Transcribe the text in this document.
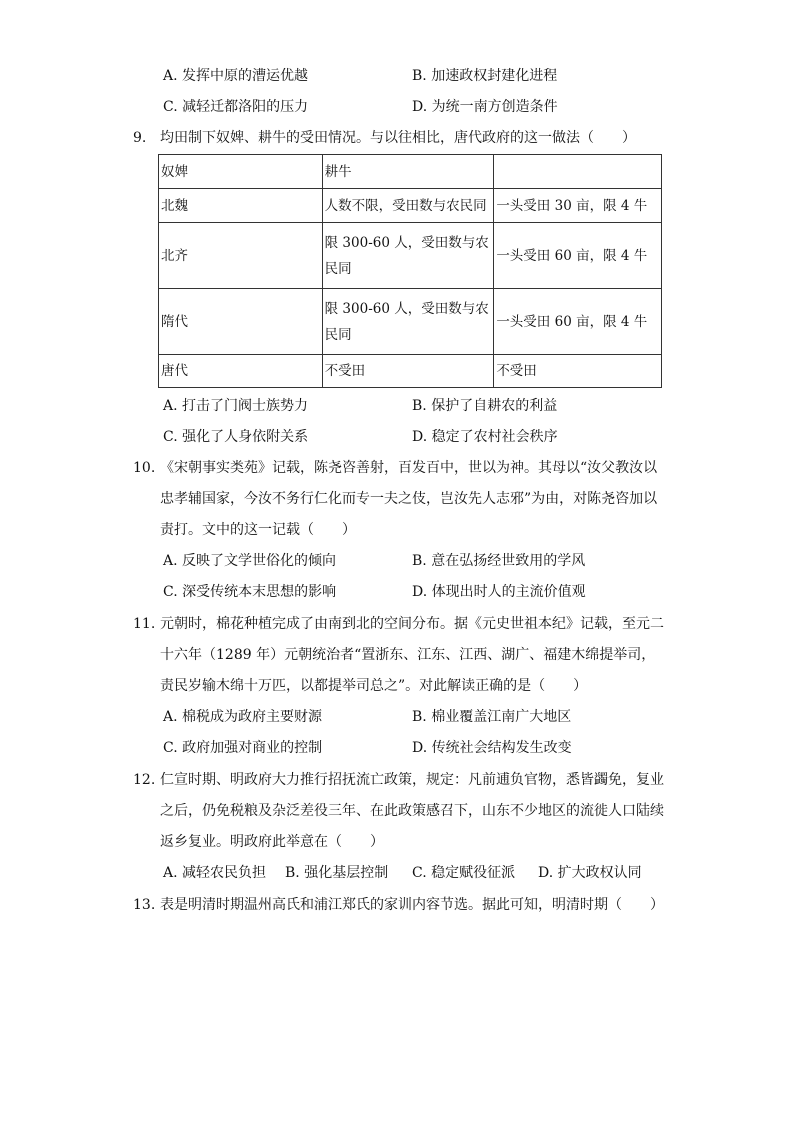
A. 发挥中原的漕运优越	B. 加速政权封建化进程
C. 减轻迁都洛阳的压力	D. 为统一南方创造条件
9. 均田制下奴婢、耕牛的受田情况。与以往相比，唐代政府的这一做法（　　）
奴婢	耕牛	
北魏	人数不限，受田数与农民同	一头受田 30 亩，限 4 牛
北齐	限 300-60 人，受田数与农民同	一头受田 60 亩，限 4 牛
隋代	限 300-60 人，受田数与农民同	一头受田 60 亩，限 4 牛
唐代	不受田	不受田
A. 打击了门阀士族势力	B. 保护了自耕农的利益
C. 强化了人身依附关系	D. 稳定了农村社会秩序
10. 《宋朝事实类苑》记载，陈尧咨善射，百发百中，世以为神。其母以“汝父教汝以
忠孝辅国家，今汝不务行仁化而专一夫之伎，岂汝先人志邪”为由，对陈尧咨加以
责打。文中的这一记载（　　）
A. 反映了文学世俗化的倾向	B. 意在弘扬经世致用的学风
C. 深受传统本末思想的影响	D. 体现出时人的主流价值观
11. 元朝时，棉花种植完成了由南到北的空间分布。据《元史世祖本纪》记载，至元二
十六年（1289 年）元朝统治者“置浙东、江东、江西、湖广、福建木绵提举司，
责民岁输木绵十万匹，以都提举司总之”。对此解读正确的是（　　）
A. 棉税成为政府主要财源	B. 棉业覆盖江南广大地区
C. 政府加强对商业的控制	D. 传统社会结构发生改变
12. 仁宣时期、明政府大力推行招抚流亡政策，规定：凡前逋负官物，悉皆蠲免，复业
之后，仍免税粮及杂泛差役三年、在此政策感召下，山东不少地区的流徙人口陆续
返乡复业。明政府此举意在（　　）
A. 减轻农民负担 B. 强化基层控制 C. 稳定赋役征派 D. 扩大政权认同
13. 表是明清时期温州高氏和浦江郑氏的家训内容节选。据此可知，明清时期（　　）
